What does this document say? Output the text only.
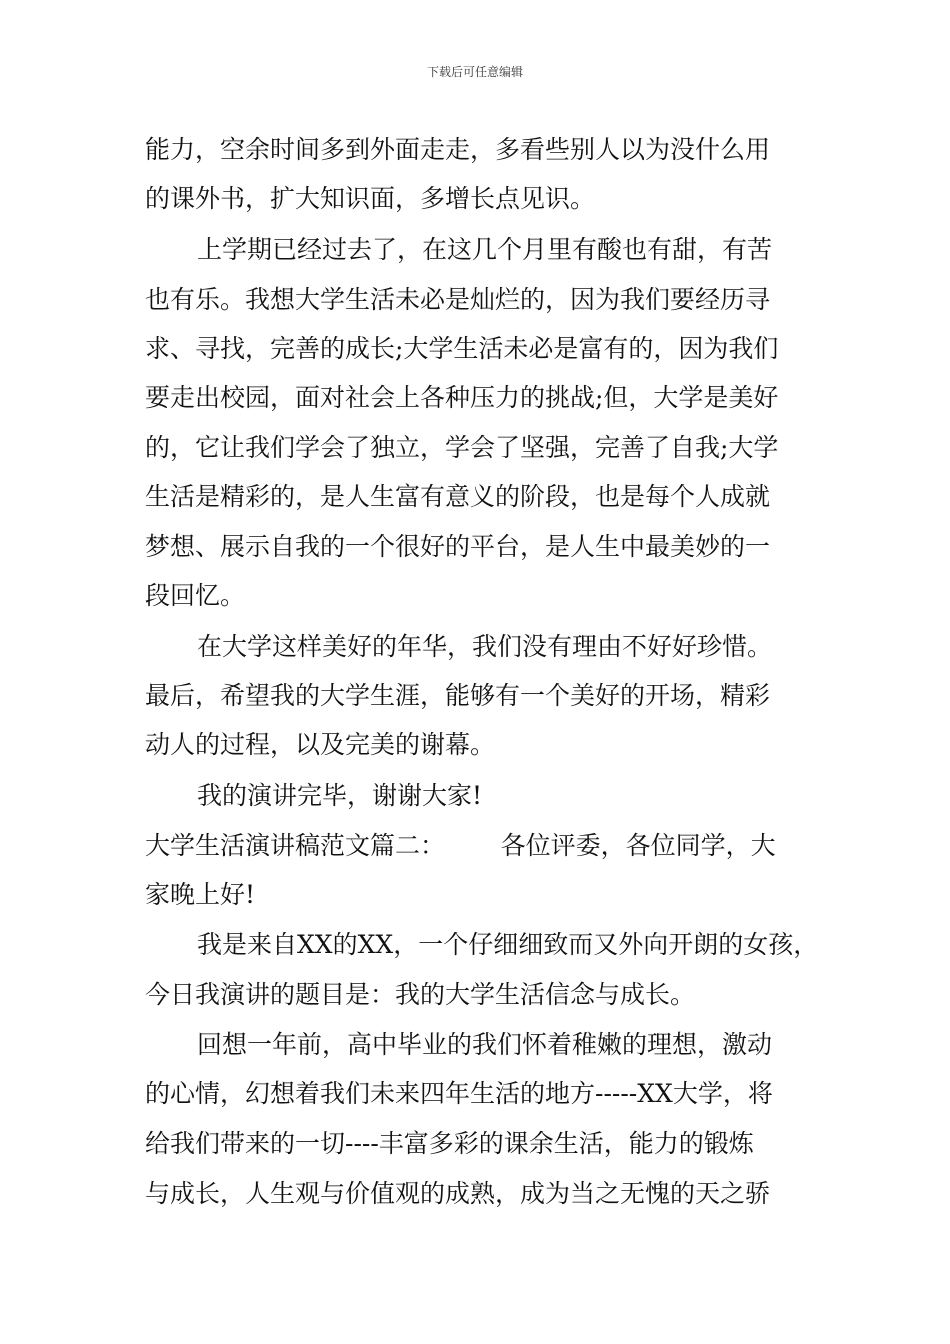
下载后可任意编辑
能力，空余时间多到外面走走，多看些别人以为没什么用
的课外书，扩大知识面，多增长点见识。
上学期已经过去了，在这几个月里有酸也有甜，有苦
也有乐。我想大学生活未必是灿烂的，因为我们要经历寻
求、寻找，完善的成长;大学生活未必是富有的，因为我们
要走出校园，面对社会上各种压力的挑战;但，大学是美好
的，它让我们学会了独立，学会了坚强，完善了自我;大学
生活是精彩的，是人生富有意义的阶段，也是每个人成就
梦想、展示自我的一个很好的平台，是人生中最美妙的一
段回忆。
在大学这样美好的年华，我们没有理由不好好珍惜。
最后，希望我的大学生涯，能够有一个美好的开场，精彩
动人的过程，以及完美的谢幕。
我的演讲完毕，谢谢大家!
大学生活演讲稿范文篇二：       各位评委，各位同学，大
家晚上好!
我是来自XX的XX，一个仔细细致而又外向开朗的女孩，
今日我演讲的题目是：我的大学生活信念与成长。
回想一年前，高中毕业的我们怀着稚嫩的理想，激动
的心情，幻想着我们未来四年生活的地方-----XX大学，将
给我们带来的一切----丰富多彩的课余生活，能力的锻炼
与成长，人生观与价值观的成熟，成为当之无愧的天之骄
